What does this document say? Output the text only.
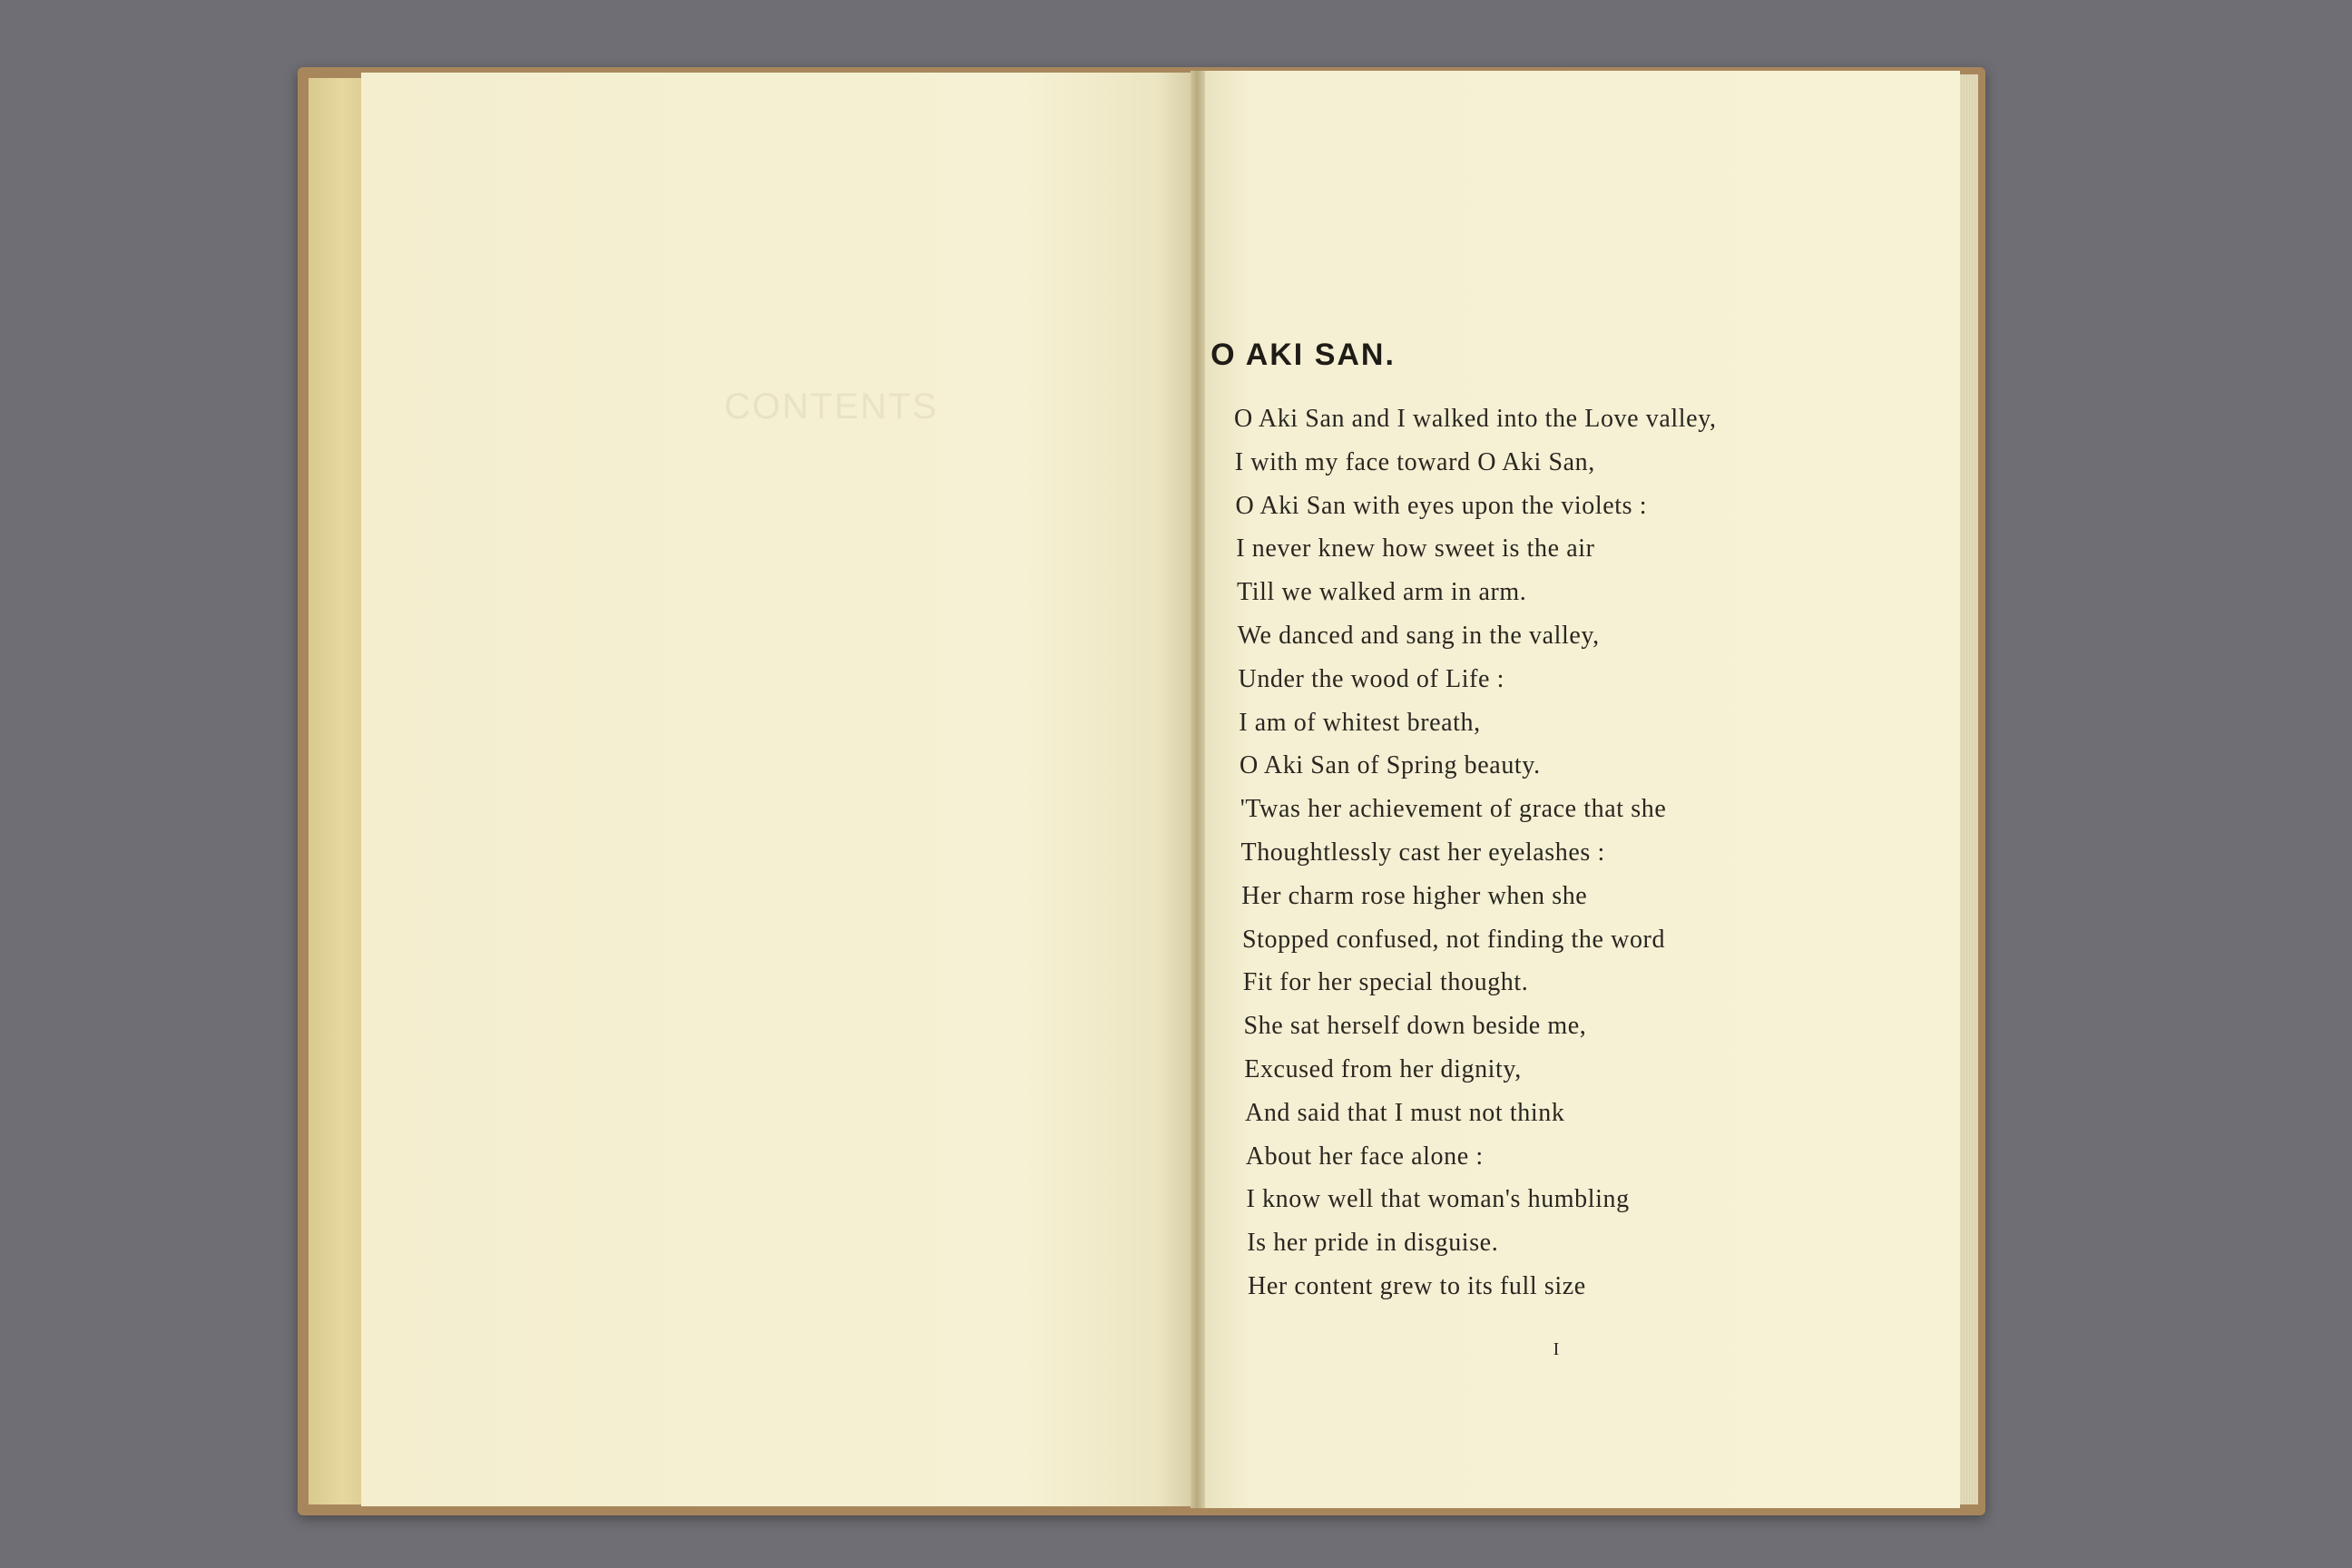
CONTENTS
O AKI SAN.
O Aki San and I walked into the Love valley,
I with my face toward O Aki San,
O Aki San with eyes upon the violets :
I never knew how sweet is the air
Till we walked arm in arm.
We danced and sang in the valley,
Under the wood of Life :
I am of whitest breath,
O Aki San of Spring beauty.
'Twas her achievement of grace that she
Thoughtlessly cast her eyelashes :
Her charm rose higher when she
Stopped confused, not finding the word
Fit for her special thought.
She sat herself down beside me,
Excused from her dignity,
And said that I must not think
About her face alone :
I know well that woman's humbling
Is her pride in disguise.
Her content grew to its full size
I
